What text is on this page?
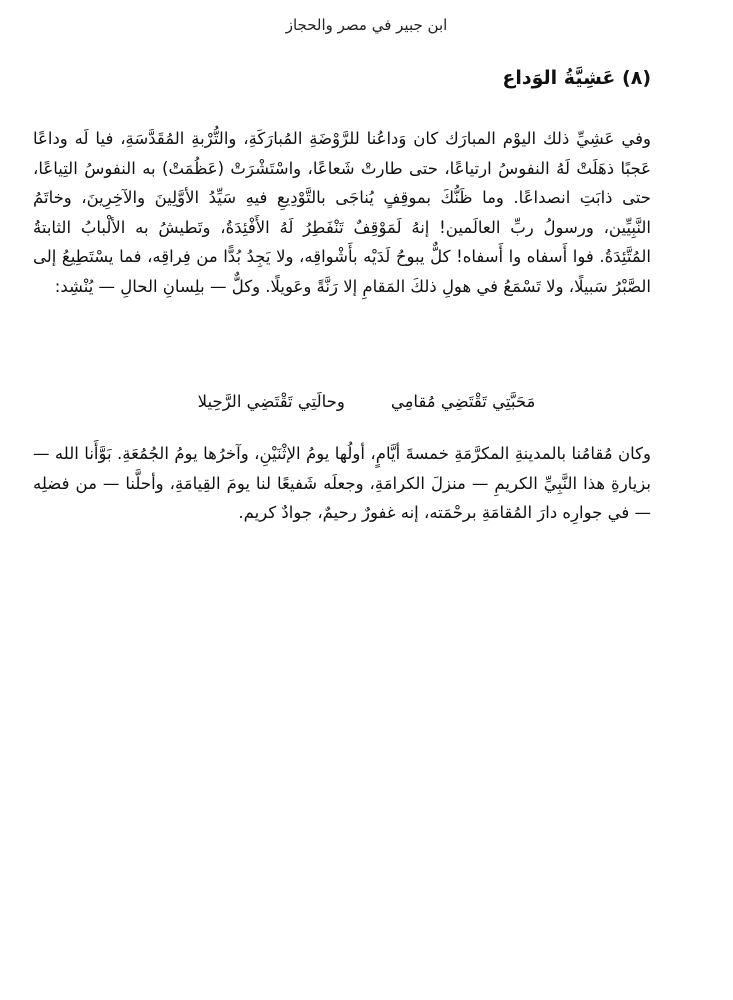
ابن جبير في مصر والحجاز
(٨) عَشِيَّةُ الوَداع

وفي عَشِيِّ ذلك اليوْم المبارَك كان وَداعُنا للرَّوْضَةِ المُبارَكَةِ، والتُّرْبةِ المُقَدَّسَةِ، فيا لَه وداعًا عَجبًا ذهَلَتْ لَهُ النفوسُ ارتياعًا، حتى طارتْ شَعاعًا، واسْتَشْرَتْ (عَظُمَتْ) به النفوسُ التِياعًا، حتى ذابَتِ انصداعًا. وما ظَنُّكَ بموقِفٍ يُناجَى بالتَّوْدِيعِ فيهِ سَيِّدُ الأوَّلِينَ والآخِرِينَ، وخاتَمُ النَّبِيِّين، ورسولُ ربِّ العالَمين! إنهُ لَمَوْقِفٌ تَنْفَطِرُ لَهُ الأَفْئِدَةُ، وتَطيشُ به الألْبابُ الثابتةُ المُتَّئِدَةُ. فوا أَسفاه وا أَسفاه! كلٌّ يبوحُ لَدَيْه بأَشْواقِه، ولا يَجِدُ بُدًّا من فِراقِه، فما يسْتَطِيعُ إلى الصَّبْرُ سَبيلًا، ولا تَسْمَعُ في هولِ ذلكَ المَقامِ إلا رَنَّةً وعَويلًا. وكلٌّ — بلِسانِ الحالِ — يُنْشِد:

مَحَبَّتِي تَقْتَضِي مُقامِي
وحالَتِي تَقْتَضِي الرَّحِيلا

وكان مُقامُنا بالمدينةِ المكرَّمَةِ خمسةَ أيَّامٍ، أولُها يومُ الإثْنَيْنِ، وآخرُها يومُ الجُمُعَةِ. بَوَّأَنا الله — بزيارةِ هذا النَّبِيِّ الكريمِ — منزلَ الكرامَةِ، وجعلَه شَفيعًا لنا يومَ القِيامَةِ، وأحلَّنا — من فضلِه — في جوارِه دارَ المُقامَةِ برحْمَته، إنه غفورٌ رحيمٌ، جوادٌ كريم.
